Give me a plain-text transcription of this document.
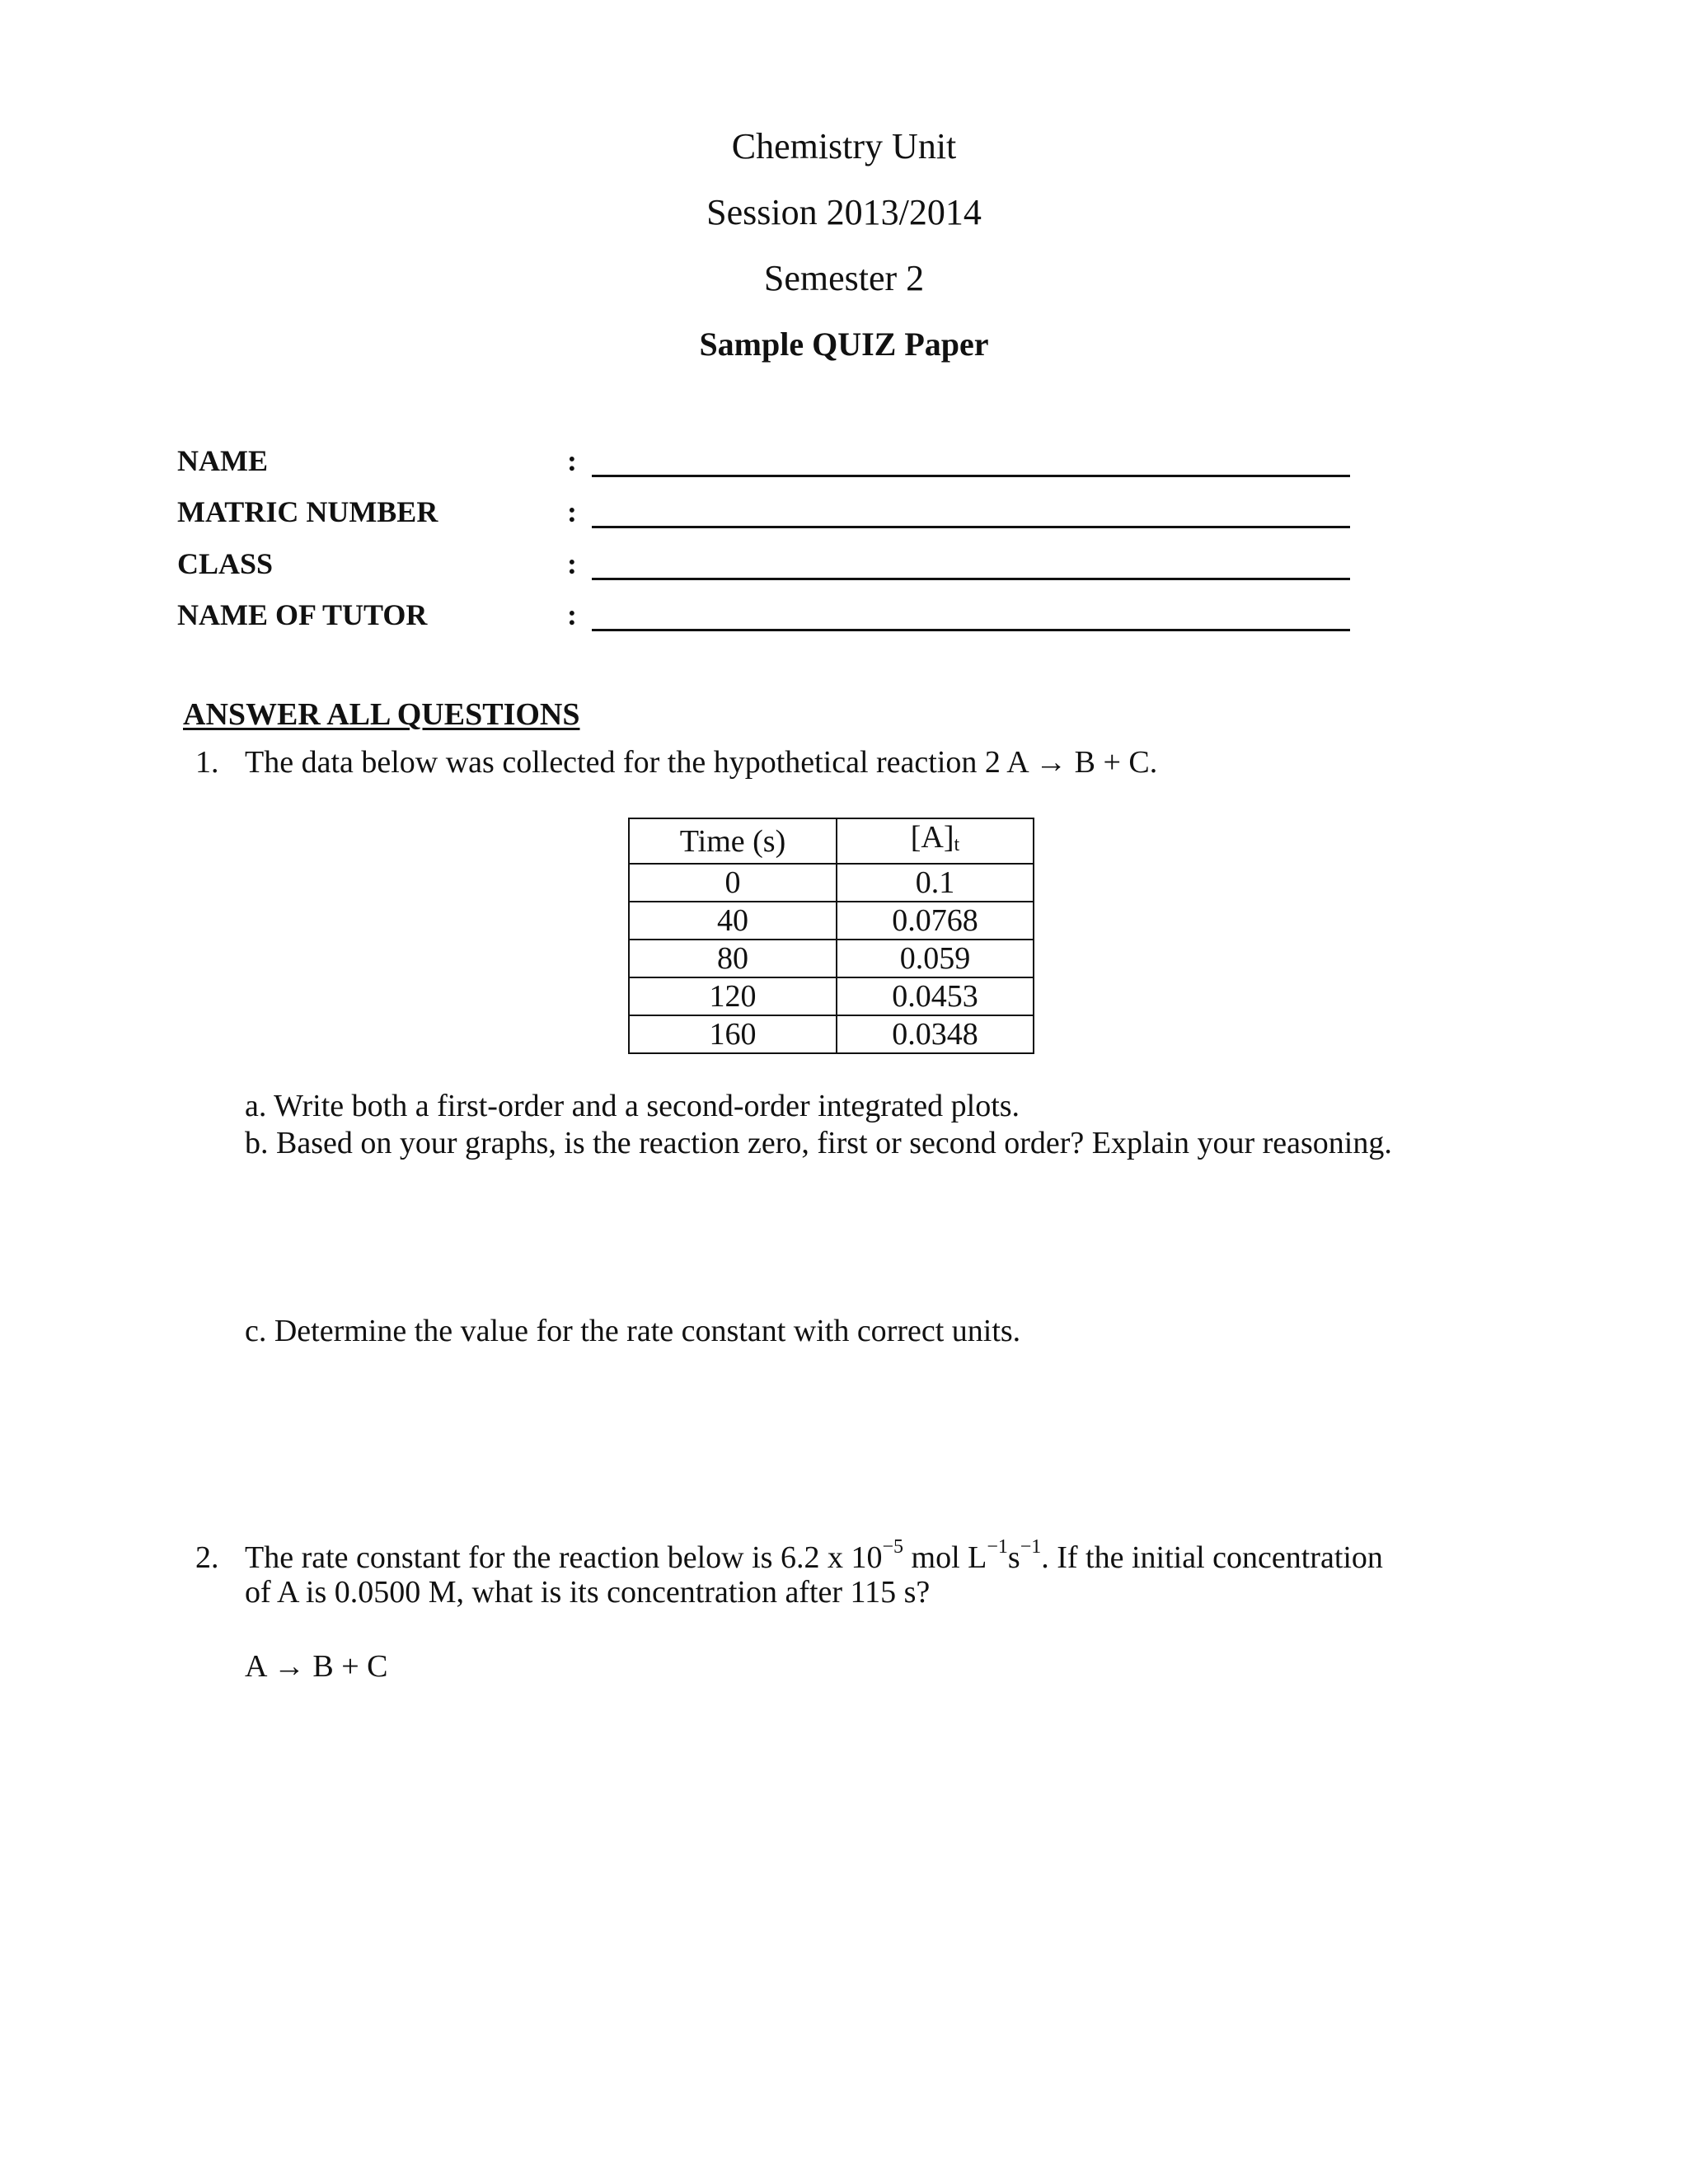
Chemistry Unit
Session 2013/2014
Semester 2
Sample QUIZ Paper
NAME	:
MATRIC NUMBER	:
CLASS	:
NAME OF TUTOR	:
ANSWER ALL QUESTIONS
1. The data below was collected for the hypothetical reaction 2 A → B + C.
Time (s)	[A]t
0	0.1
40	0.0768
80	0.059
120	0.0453
160	0.0348
a. Write both a first-order and a second-order integrated plots.
b. Based on your graphs, is the reaction zero, first or second order? Explain your reasoning.
c. Determine the value for the rate constant with correct units.
2. The rate constant for the reaction below is 6.2 x $10^{-5}$ mol $L^{-1}s^{-1}$. If the initial concentration
of A is 0.0500 M, what is its concentration after 115 s?
A → B + C
